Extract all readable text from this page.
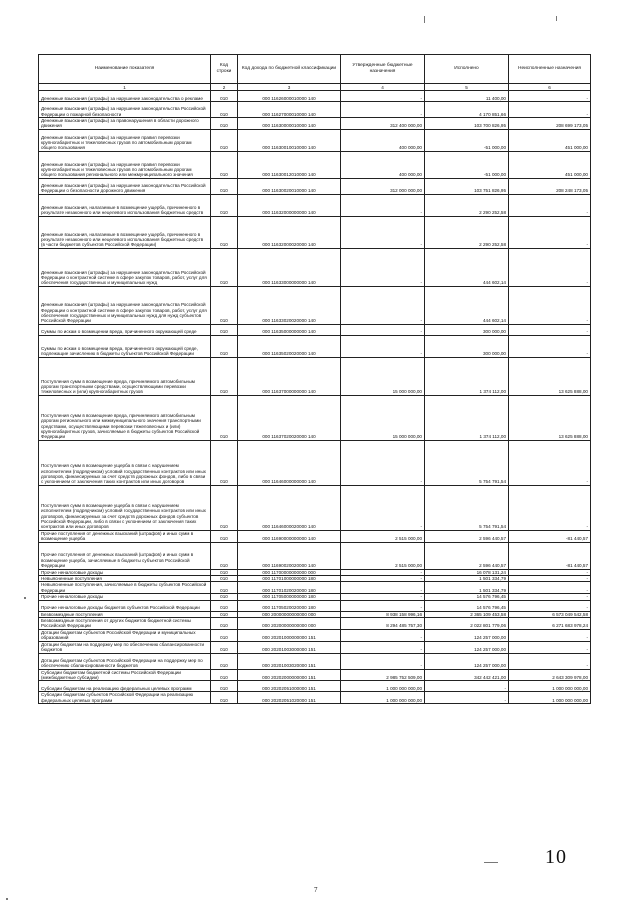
Наименование показателя	Код строки	Код дохода по бюджетной классификации	Утвержденные бюджетные назначения	Исполнено	Неисполненные назначения
1	2	3	4	5	6
Денежные взыскания (штрафы) за нарушение законодательства о рекламе	010	000 11626000010000 140	-	11 400,00	-
Денежные взыскания (штрафы) за нарушение законодательства Российской Федерации о пожарной безопасности	010	000 11627000010000 140	-	4 170 851,66	-
Денежные взыскания (штрафы) за правонарушения в области дорожного движения	010	000 11630000010000 140	312 400 000,00	103 700 826,95	208 699 173,05
Денежные взыскания (штрафы) за нарушение правил перевозки крупногабаритных и тяжеловесных грузов по автомобильным дорогам общего пользования	010	000 11630010010000 140	400 000,00	-51 000,00	451 000,00
Денежные взыскания (штрафы) за нарушение правил перевозки крупногабаритных и тяжеловесных грузов по автомобильным дорогам общего пользования регионального или межмуниципального значения	010	000 11630012010000 140	400 000,00	-51 000,00	451 000,00
Денежные взыскания (штрафы) за нарушение законодательства Российской Федерации о безопасности дорожного движения	010	000 11630020010000 140	312 000 000,00	103 751 826,95	208 248 173,05
Денежные взыскания, налагаемые в возмещение ущерба, причиненного в результате незаконного или нецелевого использования бюджетных средств	010	000 11632000000000 140	-	2 290 252,58	-
Денежные взыскания, налагаемые в возмещение ущерба, причиненного в результате незаконного или нецелевого использования бюджетных средств (в части бюджетов субъектов Российской Федерации)	010	000 11632000020000 140	-	2 290 252,58	-
Денежные взыскания (штрафы) за нарушение законодательства Российской Федерации о контрактной системе в сфере закупок товаров, работ, услуг для обеспечения государственных и муниципальных нужд	010	000 11633000000000 140	-	444 602,14	-
Денежные взыскания (штрафы) за нарушение законодательства Российской Федерации о контрактной системе в сфере закупок товаров, работ, услуг для обеспечения государственных и муниципальных нужд для нужд субъектов Российской Федерации	010	000 11633020020000 140	-	444 602,14	-
Суммы по искам о возмещении вреда, причиненного окружающей среде	010	000 11635000000000 140	-	300 000,00	-
Суммы по искам о возмещении вреда, причиненного окружающей среде, подлежащие зачислению в бюджеты субъектов Российской Федерации	010	000 11635020020000 140	-	300 000,00	-
Поступления сумм в возмещение вреда, причиняемого автомобильным дорогам транспортными средствами, осуществляющими перевозки тяжеловесных и (или) крупногабаритных грузов	010	000 11637000000000 140	15 000 000,00	1 374 112,00	13 625 888,00
Поступления сумм в возмещение вреда, причиняемого автомобильным дорогам регионального или межмуниципального значения транспортными средствами, осуществляющими перевозки тяжеловесных и (или) крупногабаритных грузов, зачисляемые в бюджеты субъектов Российской Федерации	010	000 11637020020000 140	15 000 000,00	1 374 112,00	13 625 888,00
Поступления сумм в возмещение ущерба в связи с нарушением исполнителем (подрядчиком) условий государственных контрактов или иных договоров, финансируемых за счет средств дорожных фондов, либо в связи с уклонением от заключения таких контрактов или иных договоров	010	000 11646000000000 140	-	5 754 791,54	-
Поступления сумм в возмещение ущерба в связи с нарушением исполнителем (подрядчиком) условий государственных контрактов или иных договоров, финансируемых за счет средств дорожных фондов субъектов Российской Федерации, либо в связи с уклонением от заключения таких контрактов или иных договоров	010	000 11646000020000 140	-	5 754 791,54	-
Прочие поступления от денежных взысканий (штрафов) и иных сумм в возмещение ущерба	010	000 11690000000000 140	2 515 000,00	2 596 440,57	-81 440,57
Прочие поступления от денежных взысканий (штрафов) и иных сумм в возмещение ущерба, зачисляемые в бюджеты субъектов Российской Федерации	010	000 11690020020000 140	2 515 000,00	2 596 440,57	-81 440,57
Прочие неналоговые доходы	010	000 11700000000000 000	-	16 078 131,24	-
Невыясненные поступления	010	000 11701000000000 180	-	1 501 334,79	-
Невыясненные поступления, зачисляемые в бюджеты субъектов Российской Федерации	010	000 11701020020000 180	-	1 501 334,79	-
Прочие неналоговые доходы	010	000 11705000000000 180	-	14 576 796,45	-
Прочие неналоговые доходы бюджетов субъектов Российской Федерации	010	000 11705020020000 180	-	14 576 796,45	-
Безвозмездные поступления	010	000 20000000000000 000	8 938 158 996,16	2 365 109 453,58	6 573 049 542,58
Безвозмездные поступления от других бюджетов бюджетной системы Российской Федерации	010	000 20200000000000 000	8 294 485 757,30	2 022 801 779,06	6 271 683 978,24
Дотации бюджетам субъектов Российской Федерации и муниципальных образований	010	000 20201000000000 151	-	124 257 000,00	-
Дотации бюджетам на поддержку мер по обеспечению сбалансированности бюджетов	010	000 20201003000000 151	-	124 257 000,00	-
Дотации бюджетам субъектов Российской Федерации на поддержку мер по обеспечению сбалансированности бюджетов	010	000 20201003020000 151	-	124 257 000,00	-
Субсидии бюджетам бюджетной системы Российской Федерации (межбюджетные субсидии)	010	000 20202000000000 151	2 985 752 509,00	342 442 421,00	2 643 309 978,00
Субсидии бюджетам на реализацию федеральных целевых программ	010	000 20202051000000 151	1 000 000 000,00	-	1 000 000 000,00
Субсидии бюджетам субъектов Российской Федерации на реализацию федеральных целевых программ	010	000 20202051020000 151	1 000 000 000,00	-	1 000 000 000,00
10
7
